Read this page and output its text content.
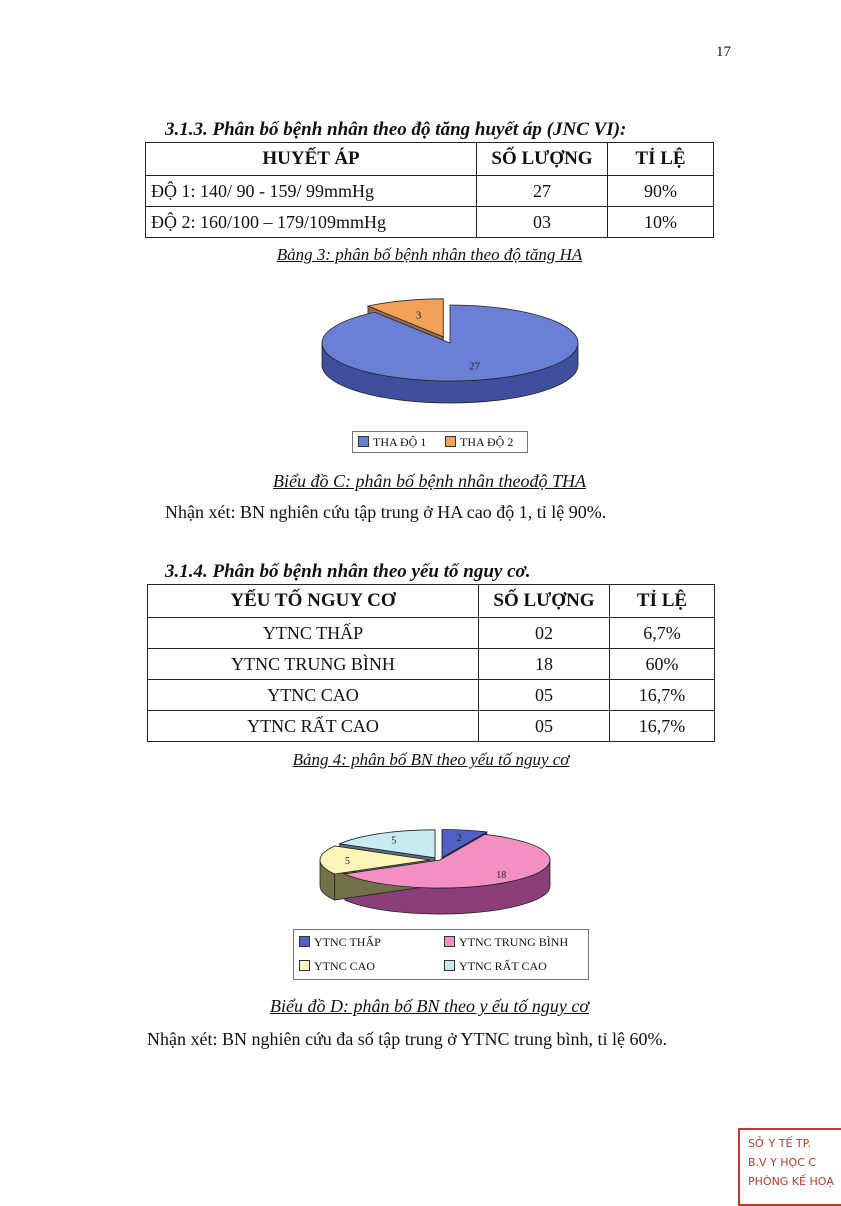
17
3.1.3. Phân bố bệnh nhân theo độ tăng huyết áp (JNC VI):
HUYẾT ÁP	SỐ LƯỢNG	TỈ LỆ
ĐỘ 1: 140/ 90 - 159/ 99mmHg	27	90%
ĐỘ 2: 160/100 – 179/109mmHg	03	10%
Bảng 3: phân bố bệnh nhân theo độ tăng HA
27
3
THA ĐỘ 1	THA ĐỘ 2
Biểu đồ C: phân bố bệnh nhân theođộ THA
Nhận xét: BN nghiên cứu tập trung ở HA cao độ 1, tỉ lệ 90%.
3.1.4. Phân bố bệnh nhân theo yếu tố nguy cơ.
YẾU TỐ NGUY CƠ	SỐ LƯỢNG	TỈ LỆ
YTNC THẤP	02	6,7%
YTNC TRUNG BÌNH	18	60%
YTNC CAO	05	16,7%
YTNC RẤT CAO	05	16,7%
Bảng 4: phân bố BN theo yếu tố nguy cơ
2
18
5
5
YTNC THẤP	YTNC TRUNG BÌNH
YTNC CAO	YTNC RẤT CAO
Biểu đồ D: phân bố BN theo y ếu tố nguy cơ
Nhận xét: BN nghiên cứu đa số tập trung ở YTNC trung bình, tỉ lệ 60%.
SỞ Y TẾ TP.
B.V Y HỌC C
PHÒNG KẾ HOẠ
